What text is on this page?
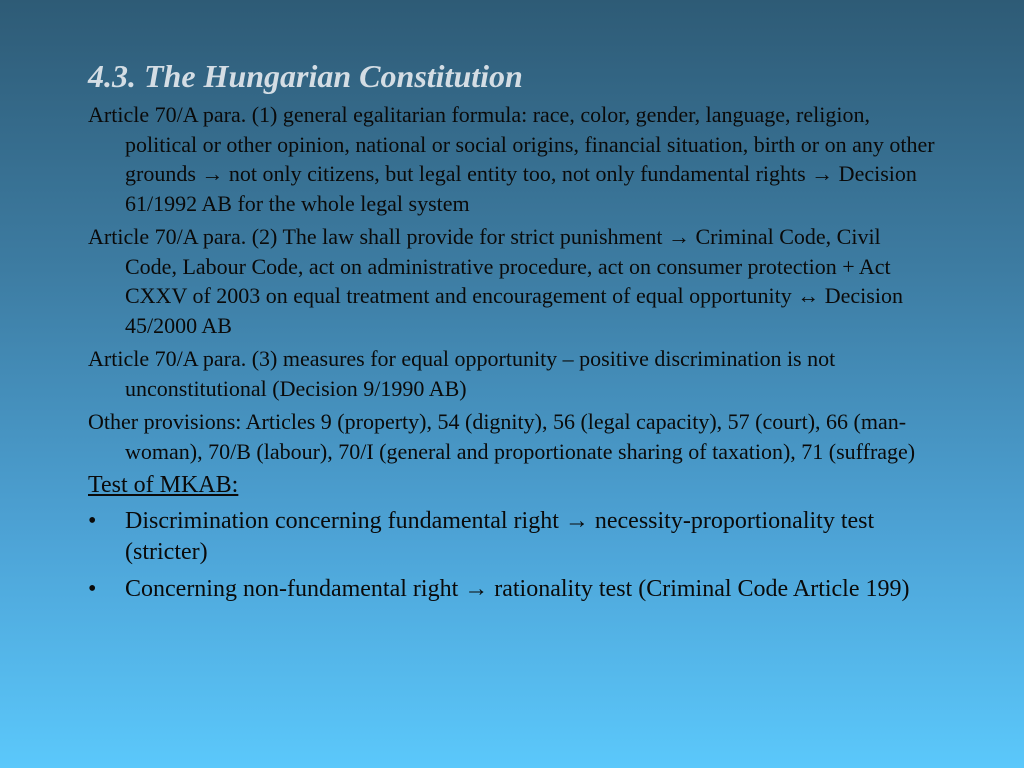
4.3. The Hungarian Constitution

Article 70/A para. (1) general egalitarian formula: race, color, gender, language, religion, political or other opinion, national or social origins, financial situation, birth or on any other grounds → not only citizens, but legal entity too, not only fundamental rights → Decision 61/1992 AB for the whole legal system

Article 70/A para. (2) The law shall provide for strict punishment → Criminal Code, Civil Code, Labour Code, act on administrative procedure, act on consumer protection + Act CXXV of 2003 on equal treatment and encouragement of equal opportunity ↔ Decision 45/2000 AB

Article 70/A para. (3) measures for equal opportunity – positive discrimination is not unconstitutional (Decision 9/1990 AB)

Other provisions: Articles 9 (property), 54 (dignity), 56 (legal capacity), 57 (court), 66 (man-woman), 70/B (labour), 70/I (general and proportionate sharing of taxation), 71 (suffrage)

Test of MKAB:
•	Discrimination concerning fundamental right → necessity-proportionality test (stricter)
•	Concerning non-fundamental right → rationality test (Criminal Code Article 199)
